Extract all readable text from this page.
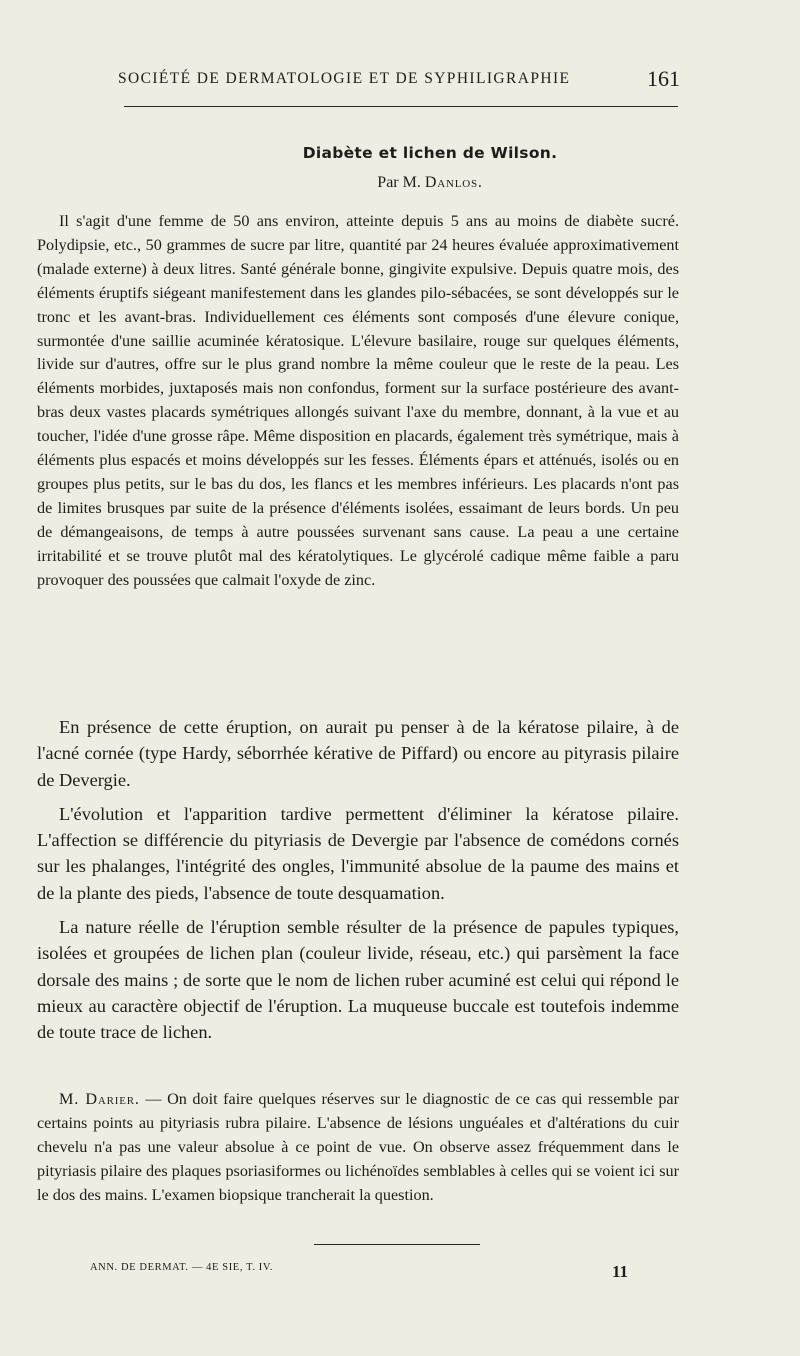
SOCIÉTÉ DE DERMATOLOGIE ET DE SYPHILIGRAPHIE	161
Diabète et lichen de Wilson.
Par M. Danlos.

Il s'agit d'une femme de 50 ans environ, atteinte depuis 5 ans au moins de diabète sucré. Polydipsie, etc., 50 grammes de sucre par litre, quantité par 24 heures évaluée approximativement (malade externe) à deux litres. Santé générale bonne, gingivite expulsive. Depuis quatre mois, des éléments éruptifs siégeant manifestement dans les glandes pilo-sébacées, se sont développés sur le tronc et les avant-bras. Individuellement ces éléments sont composés d'une élevure conique, surmontée d'une saillie acuminée kératosique. L'élevure basilaire, rouge sur quelques éléments, livide sur d'autres, offre sur le plus grand nombre la même couleur que le reste de la peau. Les éléments morbides, juxtaposés mais non confondus, forment sur la surface postérieure des avant-bras deux vastes placards symétriques allongés suivant l'axe du membre, donnant, à la vue et au toucher, l'idée d'une grosse râpe. Même disposition en placards, également très symétrique, mais à éléments plus espacés et moins développés sur les fesses. Éléments épars et atténués, isolés ou en groupes plus petits, sur le bas du dos, les flancs et les membres inférieurs. Les placards n'ont pas de limites brusques par suite de la présence d'éléments isolées, essaimant de leurs bords. Un peu de démangeaisons, de temps à autre poussées survenant sans cause. La peau a une certaine irritabilité et se trouve plutôt mal des kératolytiques. Le glycérolé cadique même faible a paru provoquer des poussées que calmait l'oxyde de zinc.

En présence de cette éruption, on aurait pu penser à de la kératose pilaire, à de l'acné cornée (type Hardy, séborrhée kérative de Piffard) ou encore au pityrasis pilaire de Devergie.

L'évolution et l'apparition tardive permettent d'éliminer la kératose pilaire. L'affection se différencie du pityriasis de Devergie par l'absence de comédons cornés sur les phalanges, l'intégrité des ongles, l'immunité absolue de la paume des mains et de la plante des pieds, l'absence de toute desquamation.

La nature réelle de l'éruption semble résulter de la présence de papules typiques, isolées et groupées de lichen plan (couleur livide, réseau, etc.) qui parsèment la face dorsale des mains ; de sorte que le nom de lichen ruber acuminé est celui qui répond le mieux au caractère objectif de l'éruption. La muqueuse buccale est toutefois indemme de toute trace de lichen.

M. Darier. — On doit faire quelques réserves sur le diagnostic de ce cas qui ressemble par certains points au pityriasis rubra pilaire. L'absence de lésions unguéales et d'altérations du cuir chevelu n'a pas une valeur absolue à ce point de vue. On observe assez fréquemment dans le pityriasis pilaire des plaques psoriasiformes ou lichénoïdes semblables à celles qui se voient ici sur le dos des mains. L'examen biopsique trancherait la question.

ANN. DE DERMAT. — 4E SIE, T. IV.	11
